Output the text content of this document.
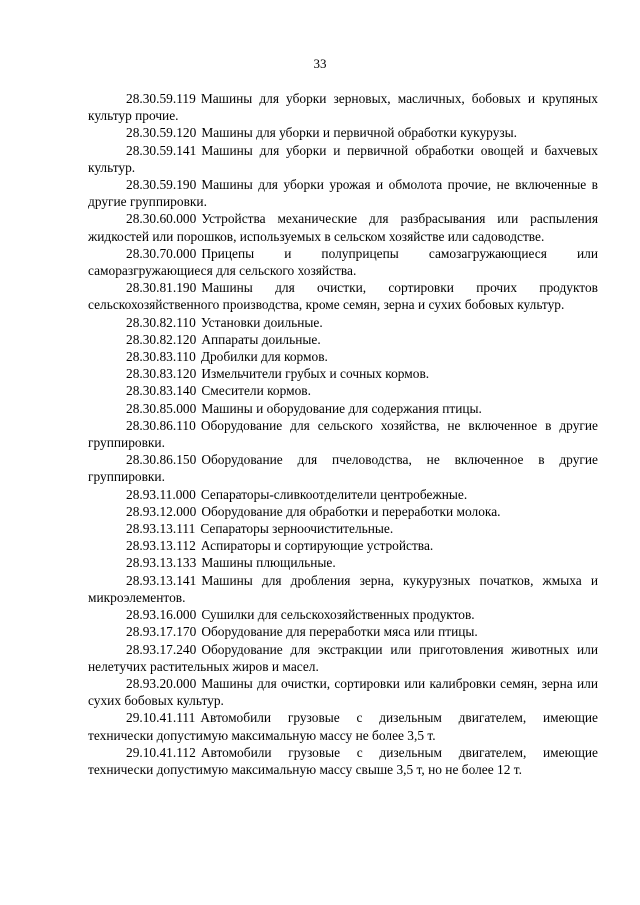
33

28.30.59.119 Машины для уборки зерновых, масличных, бобовых и крупяных культур прочие.

28.30.59.120 Машины для уборки и первичной обработки кукурузы.

28.30.59.141 Машины для уборки и первичной обработки овощей и бахчевых культур.

28.30.59.190 Машины для уборки урожая и обмолота прочие, не включенные в другие группировки.

28.30.60.000 Устройства механические для разбрасывания или распыления жидкостей или порошков, используемых в сельском хозяйстве или садоводстве.

28.30.70.000 Прицепы и полуприцепы самозагружающиеся или саморазгружающиеся для сельского хозяйства.

28.30.81.190 Машины для очистки, сортировки прочих продуктов сельскохозяйственного производства, кроме семян, зерна и сухих бобовых культур.

28.30.82.110 Установки доильные.

28.30.82.120 Аппараты доильные.

28.30.83.110 Дробилки для кормов.

28.30.83.120 Измельчители грубых и сочных кормов.

28.30.83.140 Смесители кормов.

28.30.85.000 Машины и оборудование для содержания птицы.

28.30.86.110 Оборудование для сельского хозяйства, не включенное в другие группировки.

28.30.86.150 Оборудование для пчеловодства, не включенное в другие группировки.

28.93.11.000 Сепараторы-сливкоотделители центробежные.

28.93.12.000 Оборудование для обработки и переработки молока.

28.93.13.111 Сепараторы зерноочистительные.

28.93.13.112 Аспираторы и сортирующие устройства.

28.93.13.133 Машины плющильные.

28.93.13.141 Машины для дробления зерна, кукурузных початков, жмыха и микроэлементов.

28.93.16.000 Сушилки для сельскохозяйственных продуктов.

28.93.17.170 Оборудование для переработки мяса или птицы.

28.93.17.240 Оборудование для экстракции или приготовления животных или нелетучих растительных жиров и масел.

28.93.20.000 Машины для очистки, сортировки или калибровки семян, зерна или сухих бобовых культур.

29.10.41.111 Автомобили грузовые с дизельным двигателем, имеющие технически допустимую максимальную массу не более 3,5 т.

29.10.41.112 Автомобили грузовые с дизельным двигателем, имеющие технически допустимую максимальную массу свыше 3,5 т, но не более 12 т.
